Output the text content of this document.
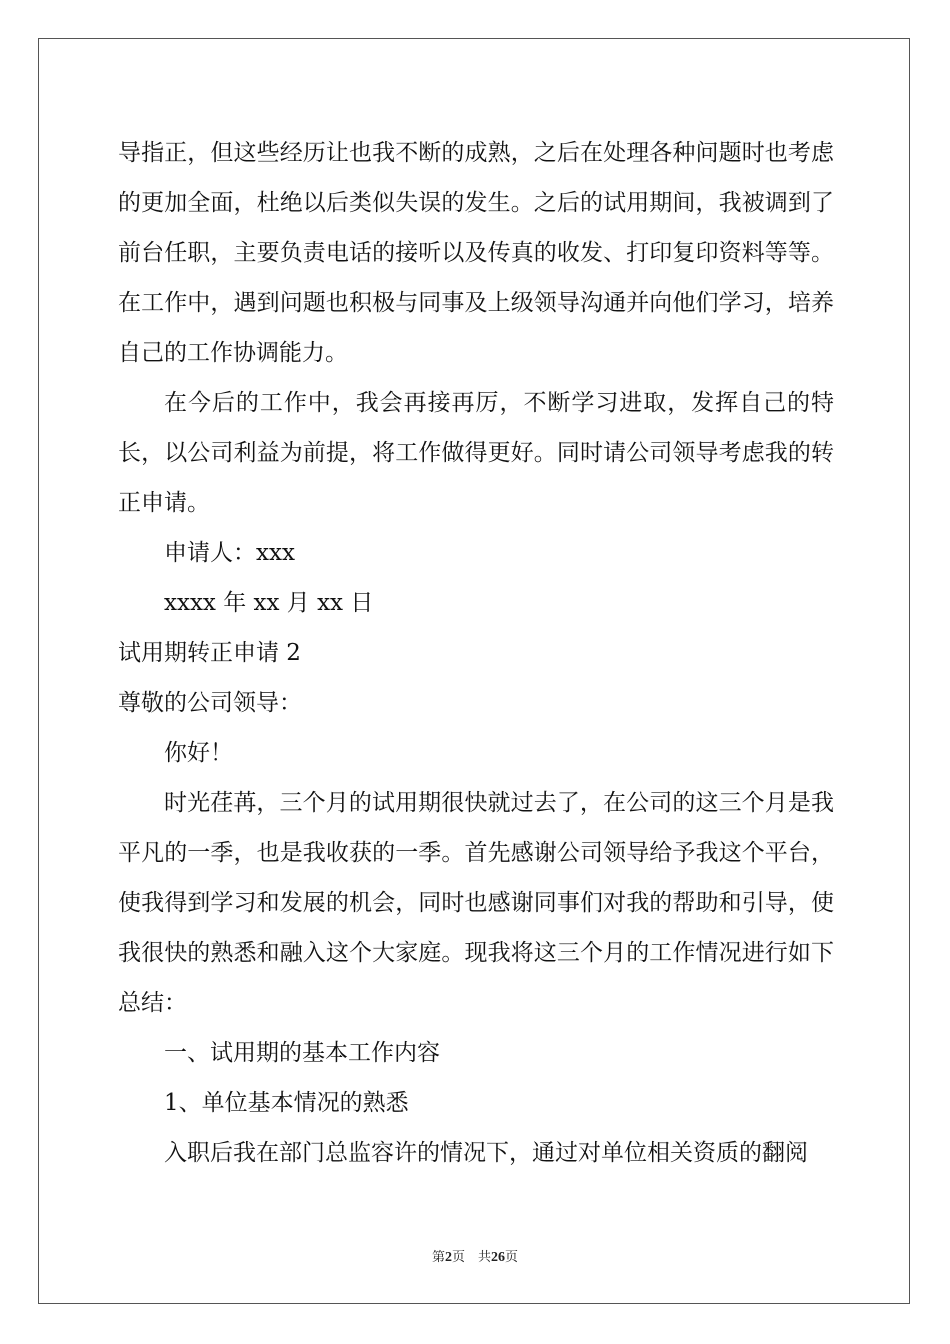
导指正，但这些经历让也我不断的成熟，之后在处理各种问题时也考虑的更加全面，杜绝以后类似失误的发生。之后的试用期间，我被调到了前台任职，主要负责电话的接听以及传真的收发、打印复印资料等等。在工作中，遇到问题也积极与同事及上级领导沟通并向他们学习，培养自己的工作协调能力。

在今后的工作中，我会再接再厉，不断学习进取，发挥自己的特长，以公司利益为前提，将工作做得更好。同时请公司领导考虑我的转正申请。

申请人：xxx

xxxx 年 xx 月 xx 日

试用期转正申请 2

尊敬的公司领导：

你好！

时光荏苒，三个月的试用期很快就过去了，在公司的这三个月是我平凡的一季，也是我收获的一季。首先感谢公司领导给予我这个平台，使我得到学习和发展的机会，同时也感谢同事们对我的帮助和引导，使我很快的熟悉和融入这个大家庭。现我将这三个月的工作情况进行如下总结：

一、试用期的基本工作内容

1、单位基本情况的熟悉

入职后我在部门总监容许的情况下，通过对单位相关资质的翻阅

第2页　共26页
